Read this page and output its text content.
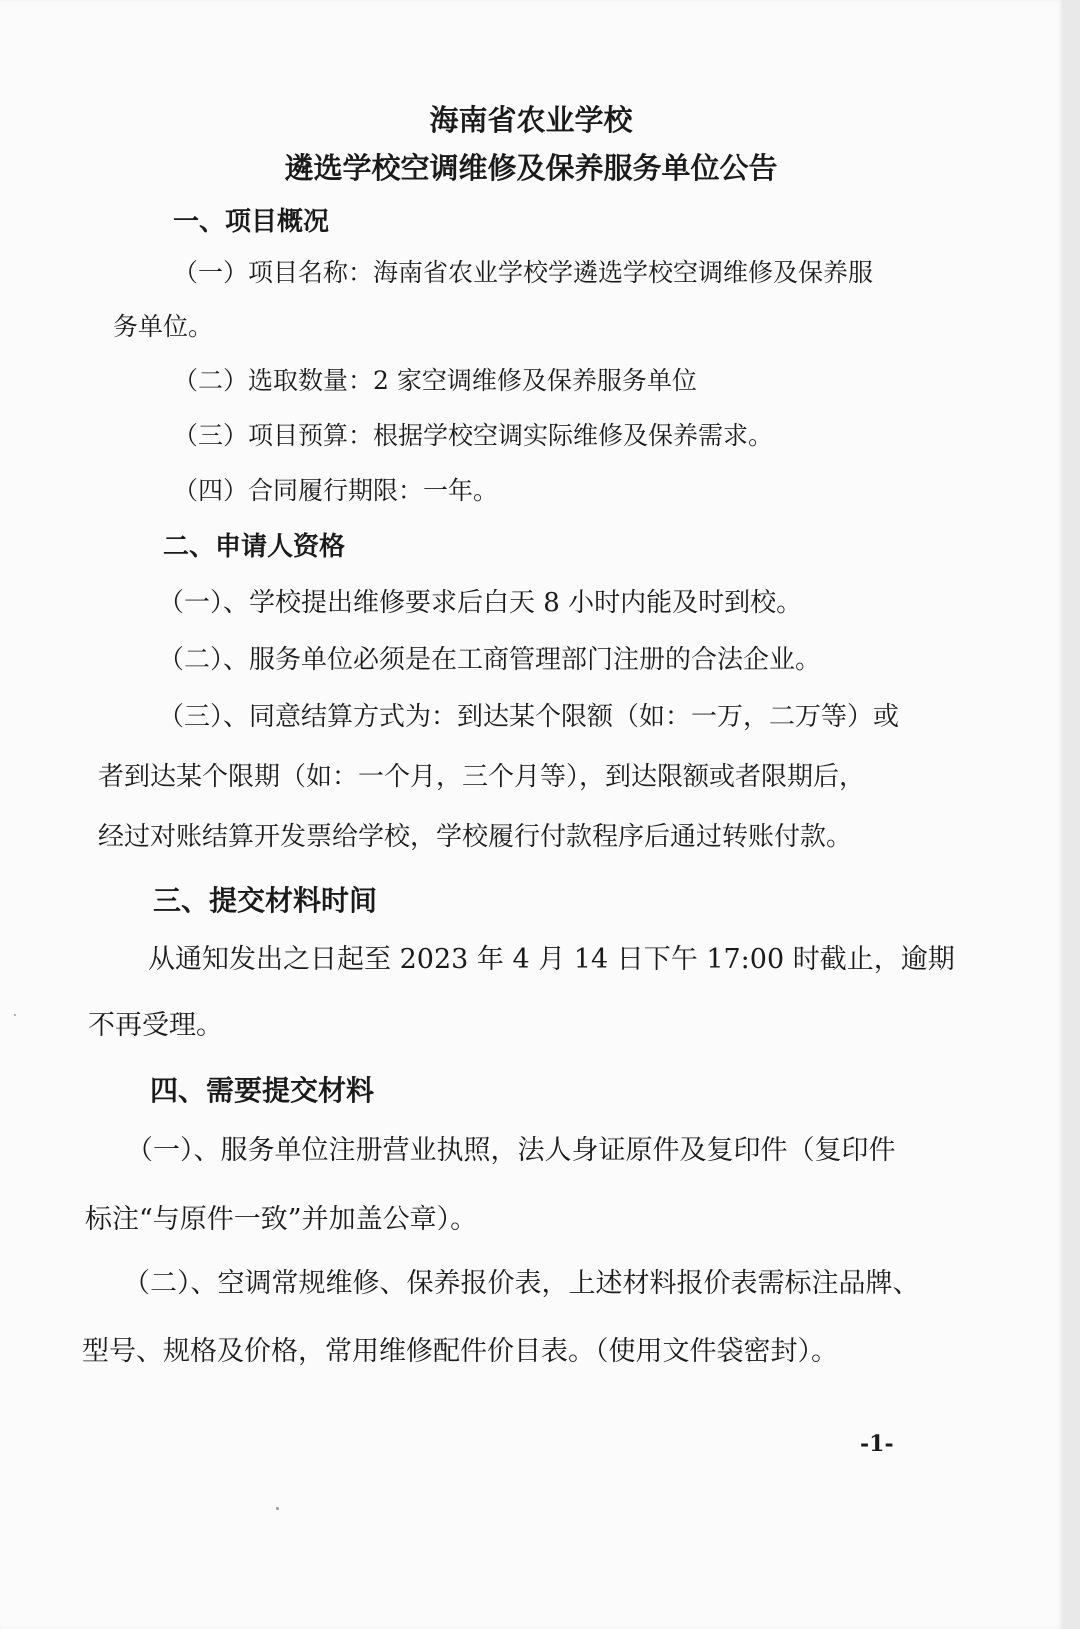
海南省农业学校
遴选学校空调维修及保养服务单位公告
一、项目概况

（一）项目名称：海南省农业学校学遴选学校空调维修及保养服

务单位。

（二）选取数量：2 家空调维修及保养服务单位

（三）项目预算：根据学校空调实际维修及保养需求。

（四）合同履行期限：一年。

二、申请人资格

（一）、学校提出维修要求后白天 8 小时内能及时到校。

（二）、服务单位必须是在工商管理部门注册的合法企业。

（三）、同意结算方式为：到达某个限额（如：一万，二万等）或

者到达某个限期（如：一个月，三个月等），到达限额或者限期后，

经过对账结算开发票给学校，学校履行付款程序后通过转账付款。

三、提交材料时间

从通知发出之日起至 2023 年 4 月 14 日下午 17:00 时截止，逾期

不再受理。

四、需要提交材料

（一）、服务单位注册营业执照，法人身证原件及复印件（复印件

标注“与原件一致”并加盖公章）。

（二）、空调常规维修、保养报价表，上述材料报价表需标注品牌、

型号、规格及价格，常用维修配件价目表。（使用文件袋密封）。

-1-
